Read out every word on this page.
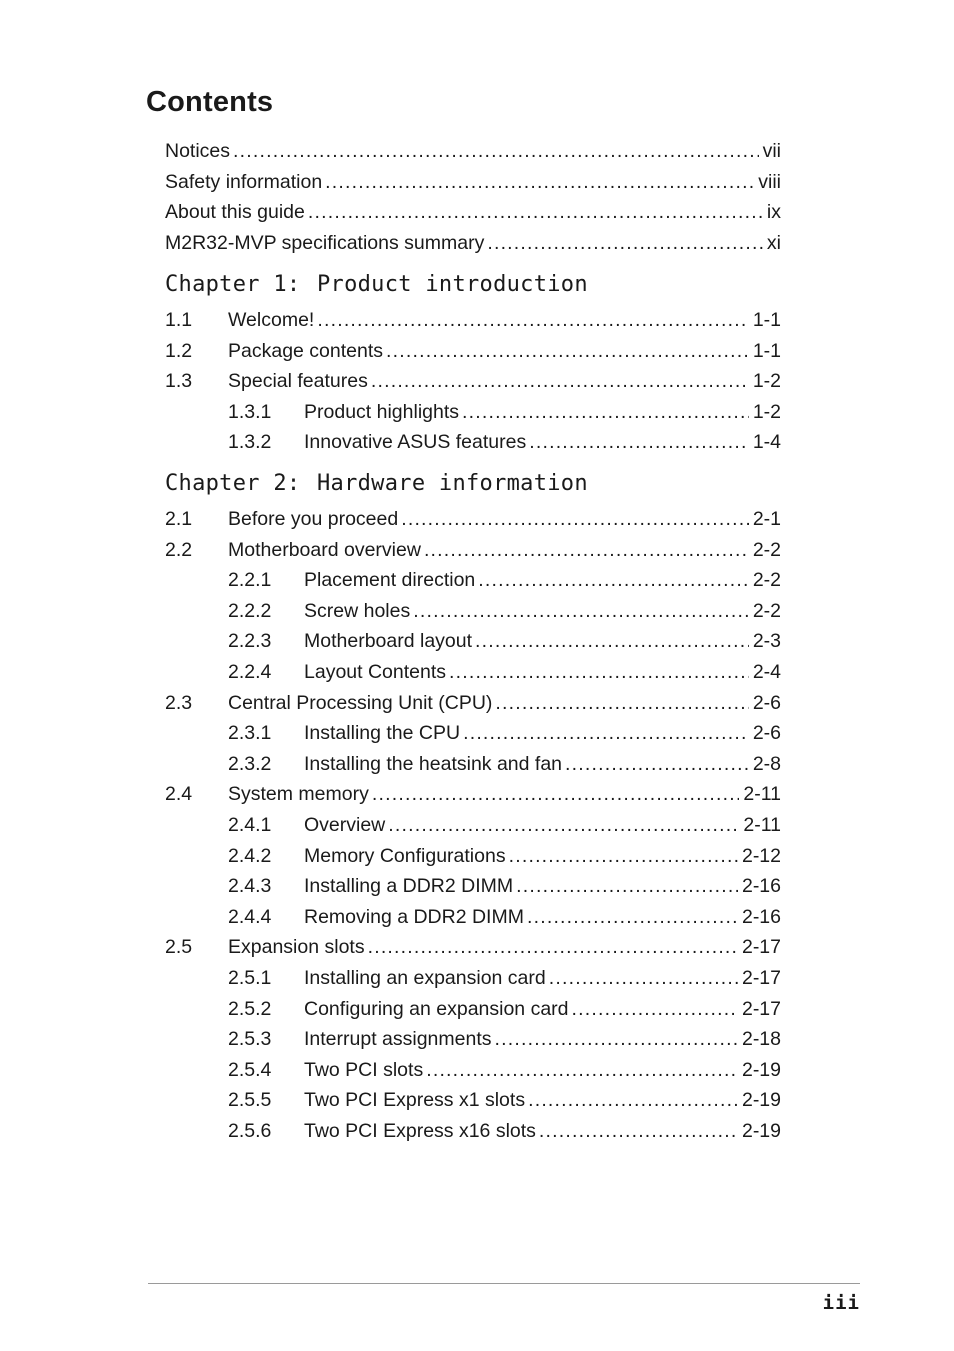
Contents
Notices .....	vii
Safety information .....	viii
About this guide .....	ix
M2R32-MVP specifications summary .....	xi
Chapter 1: Product introduction
1.1	Welcome! .....	1-1
1.2	Package contents .....	1-1
1.3	Special features .....	1-2
1.3.1	Product highlights .....	1-2
1.3.2	Innovative ASUS features .....	1-4
Chapter 2: Hardware information
2.1	Before you proceed .....	2-1
2.2	Motherboard overview .....	2-2
2.2.1	Placement direction .....	2-2
2.2.2	Screw holes .....	2-2
2.2.3	Motherboard layout .....	2-3
2.2.4	Layout Contents .....	2-4
2.3	Central Processing Unit (CPU) .....	2-6
2.3.1	Installing the CPU .....	2-6
2.3.2	Installing the heatsink and fan .....	2-8
2.4	System memory .....	2-11
2.4.1	Overview .....	2-11
2.4.2	Memory Configurations .....	2-12
2.4.3	Installing a DDR2 DIMM .....	2-16
2.4.4	Removing a DDR2 DIMM .....	2-16
2.5	Expansion slots .....	2-17
2.5.1	Installing an expansion card .....	2-17
2.5.2	Configuring an expansion card .....	2-17
2.5.3	Interrupt assignments .....	2-18
2.5.4	Two PCI slots .....	2-19
2.5.5	Two PCI Express x1 slots .....	2-19
2.5.6	Two PCI Express x16 slots .....	2-19
iii
